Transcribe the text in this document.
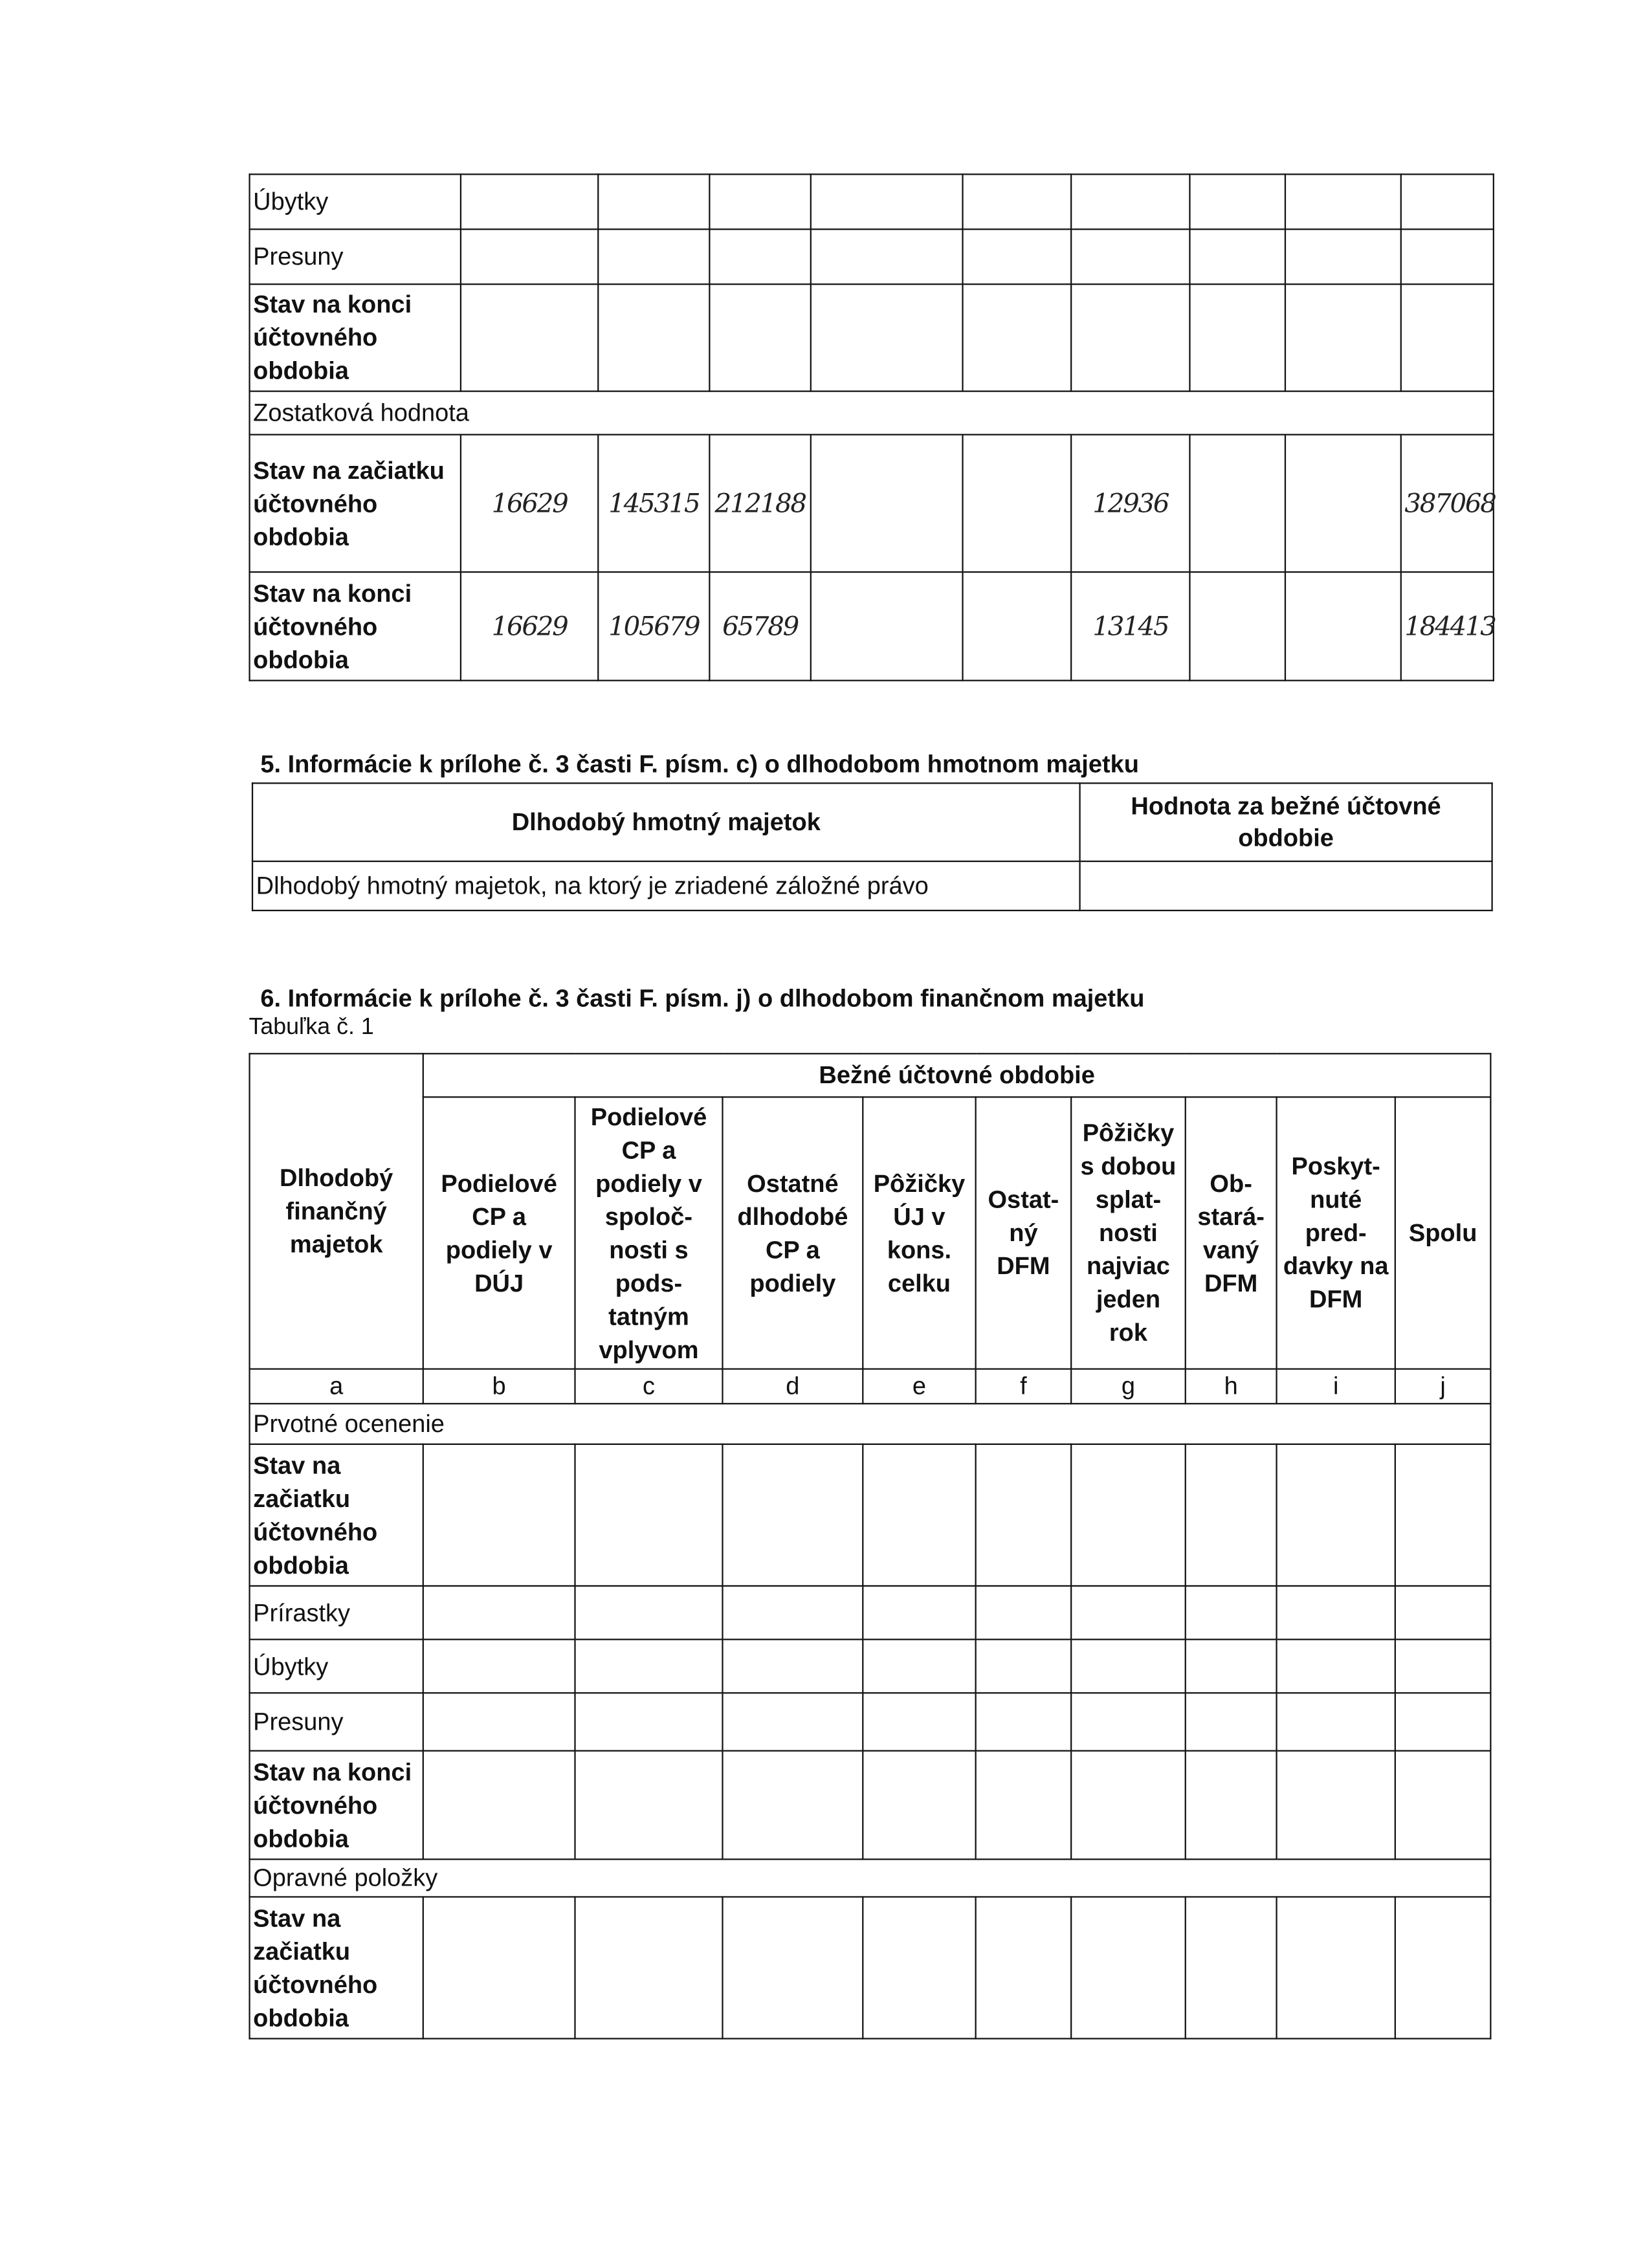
Úbytky									
Presuny									
Stav na konci účtovného obdobia									
Zostatková hodnota									
Stav na začiatku účtovného obdobia	16629	145315	212188			12936			387068
Stav na konci účtovného obdobia	16629	105679	65789			13145			184413
5. Informácie k prílohe č. 3 časti F. písm. c) o dlhodobom hmotnom majetku
Dlhodobý hmotný majetok	Hodnota za bežné účtovné obdobie
Dlhodobý hmotný majetok, na ktorý je zriadené záložné právo	
6. Informácie k prílohe č. 3 časti F. písm. j) o dlhodobom finančnom majetku
Tabuľka č. 1
Dlhodobý finančný majetok	Bežné účtovné obdobie								
	Podielové CP a podiely v DÚJ	Podielové CP a podiely v spoloč-nosti s pods-tatným vplyvom	Ostatné dlhodobé CP a podiely	Pôžičky ÚJ v kons. celku	Ostat-ný DFM	Pôžičky s dobou splat-nosti najviac jeden rok	Ob-stará-vaný DFM	Poskyt-nuté pred-davky na DFM	Spolu
a	b	c	d	e	f	g	h	i	j
Prvotné ocenenie									
Stav na začiatku účtovného obdobia									
Prírastky									
Úbytky									
Presuny									
Stav na konci účtovného obdobia									
Opravné položky									
Stav na začiatku účtovného obdobia									
